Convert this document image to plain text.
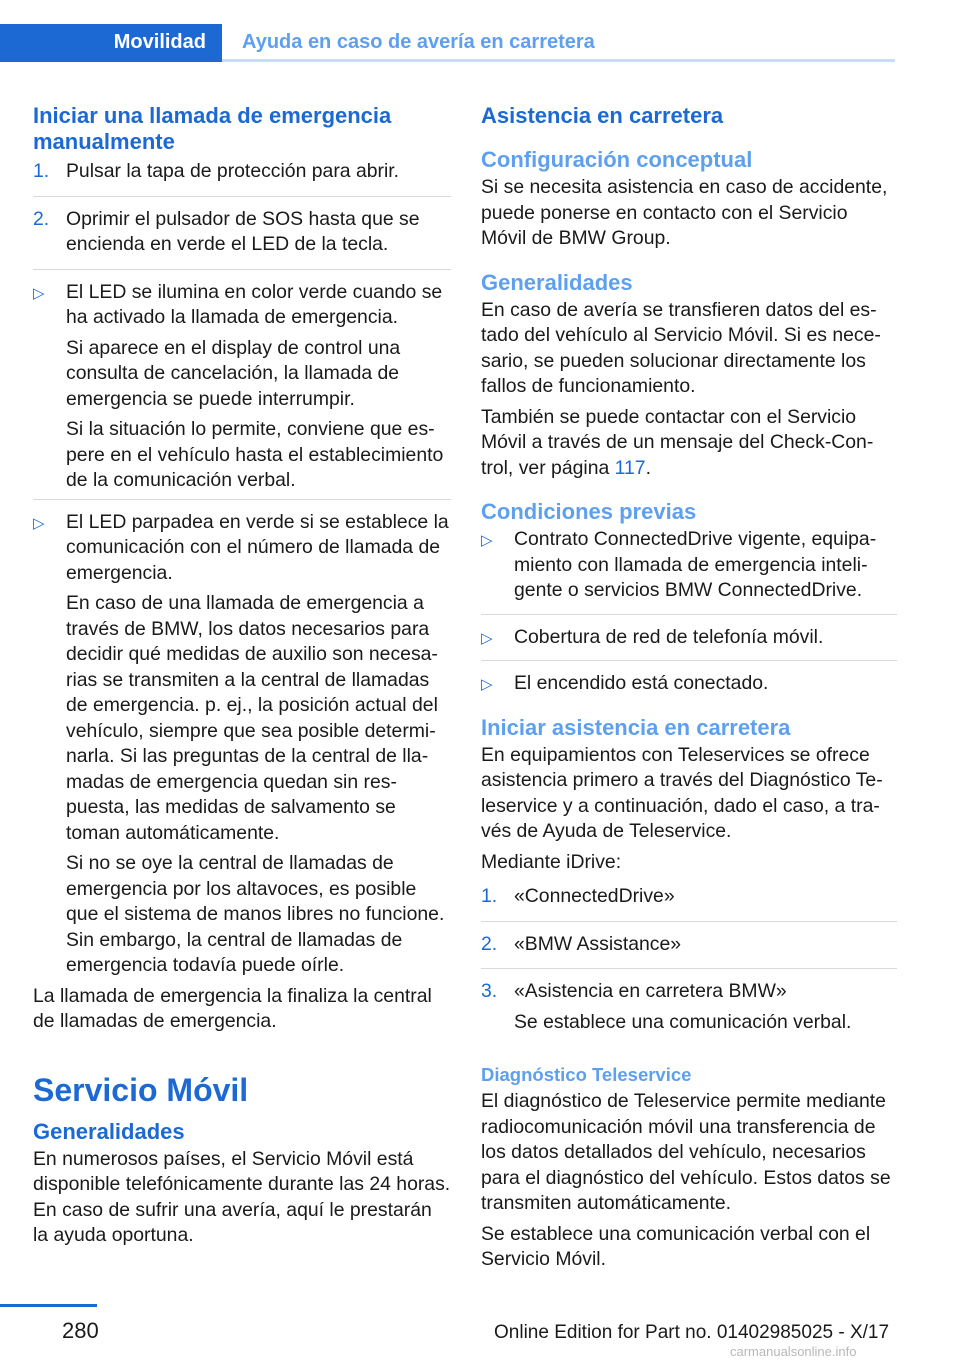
Movilidad Ayuda en caso de avería en carretera
Iniciar una llamada de emergencia manualmente
1. Pulsar la tapa de protección para abrir.
2. Oprimir el pulsador de SOS hasta que se encienda en verde el LED de la tecla.
▷ El LED se ilumina en color verde cuando se ha activado la llamada de emergencia.

Si aparece en el display de control una consulta de cancelación, la llamada de emergencia se puede interrumpir.

Si la situación lo permite, conviene que espere en el vehículo hasta el establecimiento de la comunicación verbal.

▷ El LED parpadea en verde si se establece la comunicación con el número de llamada de emergencia.

En caso de una llamada de emergencia a través de BMW, los datos necesarios para decidir qué medidas de auxilio son necesarias se transmiten a la central de llamadas de emergencia. p. ej., la posición actual del vehículo, siempre que sea posible determinarla. Si las preguntas de la central de llamadas de emergencia quedan sin respuesta, las medidas de salvamento se toman automáticamente.

Si no se oye la central de llamadas de emergencia por los altavoces, es posible que el sistema de manos libres no funcione. Sin embargo, la central de llamadas de emergencia todavía puede oírle.

La llamada de emergencia la finaliza la central de llamadas de emergencia.

Servicio Móvil
Generalidades

En numerosos países, el Servicio Móvil está disponible telefónicamente durante las 24 horas. En caso de sufrir una avería, aquí le prestarán la ayuda oportuna.

Asistencia en carretera
Configuración conceptual

Si se necesita asistencia en caso de accidente, puede ponerse en contacto con el Servicio Móvil de BMW Group.

Generalidades

En caso de avería se transfieren datos del estado del vehículo al Servicio Móvil. Si es necesario, se pueden solucionar directamente los fallos de funcionamiento.

También se puede contactar con el Servicio Móvil a través de un mensaje del Check-Control, ver página 117.

Condiciones previas
▷ Contrato ConnectedDrive vigente, equipamiento con llamada de emergencia inteligente o servicios BMW ConnectedDrive.
▷ Cobertura de red de telefonía móvil.
▷ El encendido está conectado.
Iniciar asistencia en carretera

En equipamientos con Teleservices se ofrece asistencia primero a través del Diagnóstico Teleservice y a continuación, dado el caso, a través de Ayuda de Teleservice.

Mediante iDrive:

1. «ConnectedDrive»
2. «BMW Assistance»
3. «Asistencia en carretera BMW»

Se establece una comunicación verbal.

Diagnóstico Teleservice

El diagnóstico de Teleservice permite mediante radiocomunicación móvil una transferencia de los datos detallados del vehículo, necesarios para el diagnóstico del vehículo. Estos datos se transmiten automáticamente.

Se establece una comunicación verbal con el Servicio Móvil.

280	Online Edition for Part no. 01402985025 - X/17
carmanualsonline.info
